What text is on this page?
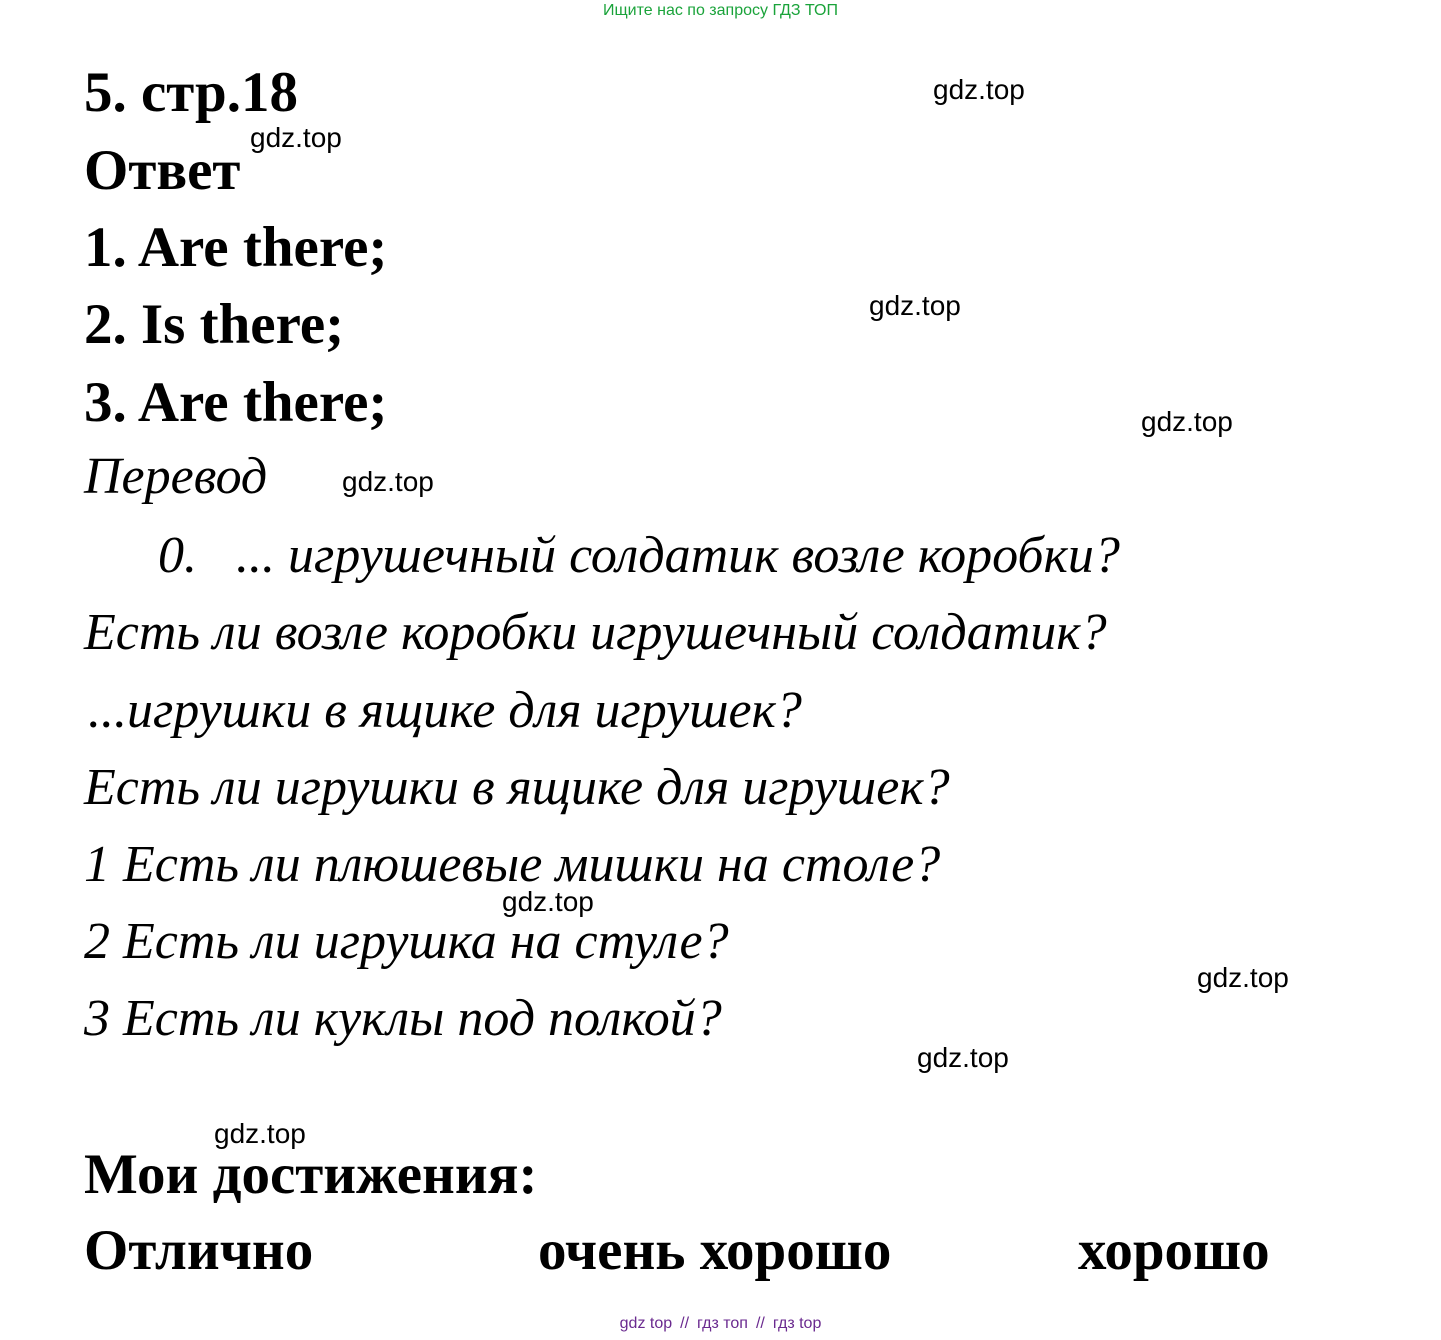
Ищите нас по запросу ГДЗ ТОП
5. стр.18
Ответ
1. Are there;
2. Is there;
3. Are there;
Перевод
0. ... игрушечный солдатик возле коробки?
Есть ли возле коробки игрушечный солдатик?
...игрушки в ящике для игрушек?
Есть ли игрушки в ящике для игрушек?
1 Есть ли плюшевые мишки на столе?
2 Есть ли игрушка на стуле?
3 Есть ли куклы под полкой?
Мои достижения:
Отлично	очень хорошо	хорошо
gdz.top
gdz.top
gdz.top
gdz.top
gdz.top
gdz.top
gdz.top
gdz.top
gdz.top
gdz top // гдз топ // гдз top
